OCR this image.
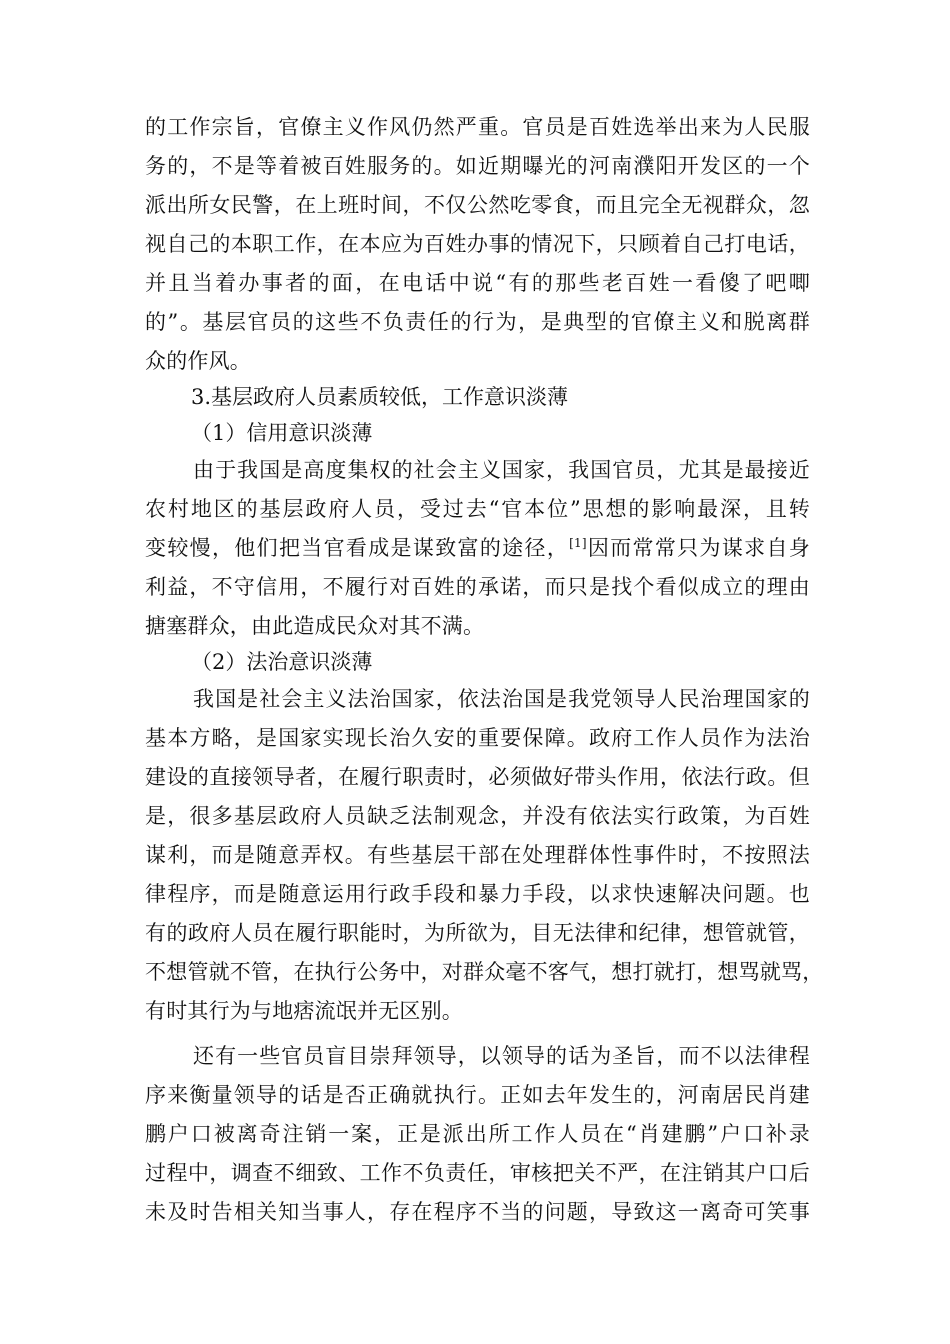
的工作宗旨，官僚主义作风仍然严重。官员是百姓选举出来为人民服
务的，不是等着被百姓服务的。如近期曝光的河南濮阳开发区的一个
派出所女民警，在上班时间，不仅公然吃零食，而且完全无视群众，忽
视自己的本职工作，在本应为百姓办事的情况下，只顾着自己打电话，
并且当着办事者的面，在电话中说“有的那些老百姓一看傻了吧唧
的”。基层官员的这些不负责任的行为，是典型的官僚主义和脱离群
众的作风。
3.基层政府人员素质较低，工作意识淡薄
（1）信用意识淡薄
由于我国是高度集权的社会主义国家，我国官员，尤其是最接近
农村地区的基层政府人员，受过去“官本位”思想的影响最深，且转
变较慢，他们把当官看成是谋致富的途径，[1]因而常常只为谋求自身
利益，不守信用，不履行对百姓的承诺，而只是找个看似成立的理由
搪塞群众，由此造成民众对其不满。
（2）法治意识淡薄
我国是社会主义法治国家，依法治国是我党领导人民治理国家的
基本方略，是国家实现长治久安的重要保障。政府工作人员作为法治
建设的直接领导者，在履行职责时，必须做好带头作用，依法行政。但
是，很多基层政府人员缺乏法制观念，并没有依法实行政策，为百姓
谋利，而是随意弄权。有些基层干部在处理群体性事件时，不按照法
律程序，而是随意运用行政手段和暴力手段，以求快速解决问题。也
有的政府人员在履行职能时，为所欲为，目无法律和纪律，想管就管，
不想管就不管，在执行公务中，对群众毫不客气，想打就打，想骂就骂，
有时其行为与地痞流氓并无区别。
还有一些官员盲目崇拜领导，以领导的话为圣旨，而不以法律程
序来衡量领导的话是否正确就执行。正如去年发生的，河南居民肖建
鹏户口被离奇注销一案，正是派出所工作人员在“肖建鹏”户口补录
过程中，调查不细致、工作不负责任，审核把关不严，在注销其户口后
未及时告相关知当事人，存在程序不当的问题，导致这一离奇可笑事
